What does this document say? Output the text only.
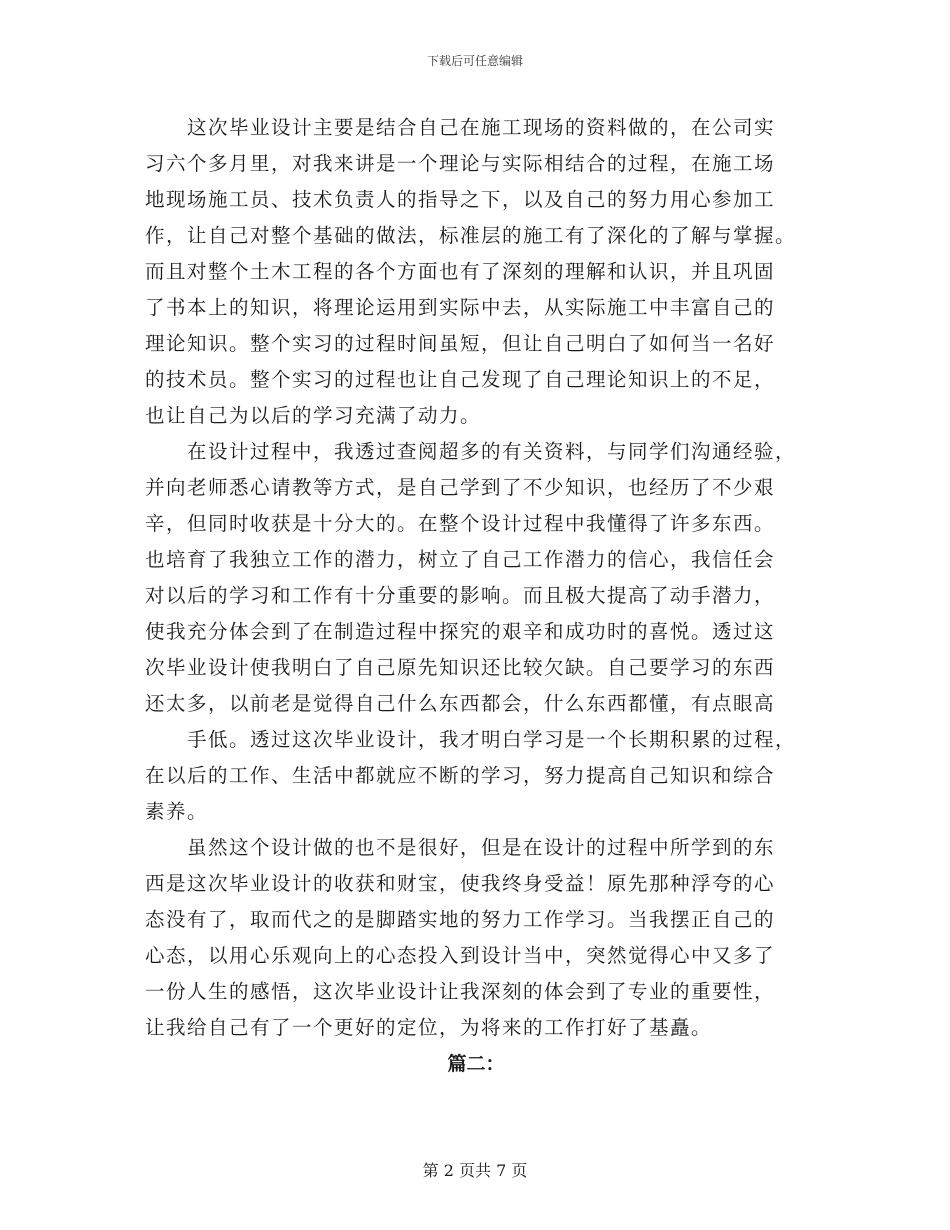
下载后可任意编辑
这次毕业设计主要是结合自己在施工现场的资料做的，在公司实
习六个多月里，对我来讲是一个理论与实际相结合的过程，在施工场
地现场施工员、技术负责人的指导之下，以及自己的努力用心参加工
作，让自己对整个基础的做法，标准层的施工有了深化的了解与掌握。
而且对整个土木工程的各个方面也有了深刻的理解和认识，并且巩固
了书本上的知识，将理论运用到实际中去，从实际施工中丰富自己的
理论知识。整个实习的过程时间虽短，但让自己明白了如何当一名好
的技术员。整个实习的过程也让自己发现了自己理论知识上的不足，
也让自己为以后的学习充满了动力。
在设计过程中，我透过查阅超多的有关资料，与同学们沟通经验，
并向老师悉心请教等方式，是自己学到了不少知识，也经历了不少艰
辛，但同时收获是十分大的。在整个设计过程中我懂得了许多东西。
也培育了我独立工作的潜力，树立了自己工作潜力的信心，我信任会
对以后的学习和工作有十分重要的影响。而且极大提高了动手潜力，
使我充分体会到了在制造过程中探究的艰辛和成功时的喜悦。透过这
次毕业设计使我明白了自己原先知识还比较欠缺。自己要学习的东西
还太多，以前老是觉得自己什么东西都会，什么东西都懂，有点眼高
手低。透过这次毕业设计，我才明白学习是一个长期积累的过程，
在以后的工作、生活中都就应不断的学习，努力提高自己知识和综合
素养。
虽然这个设计做的也不是很好，但是在设计的过程中所学到的东
西是这次毕业设计的收获和财宝，使我终身受益！原先那种浮夸的心
态没有了，取而代之的是脚踏实地的努力工作学习。当我摆正自己的
心态，以用心乐观向上的心态投入到设计当中，突然觉得心中又多了
一份人生的感悟，这次毕业设计让我深刻的体会到了专业的重要性，
让我给自己有了一个更好的定位，为将来的工作打好了基矗。
篇二：
第 2 页共 7 页
